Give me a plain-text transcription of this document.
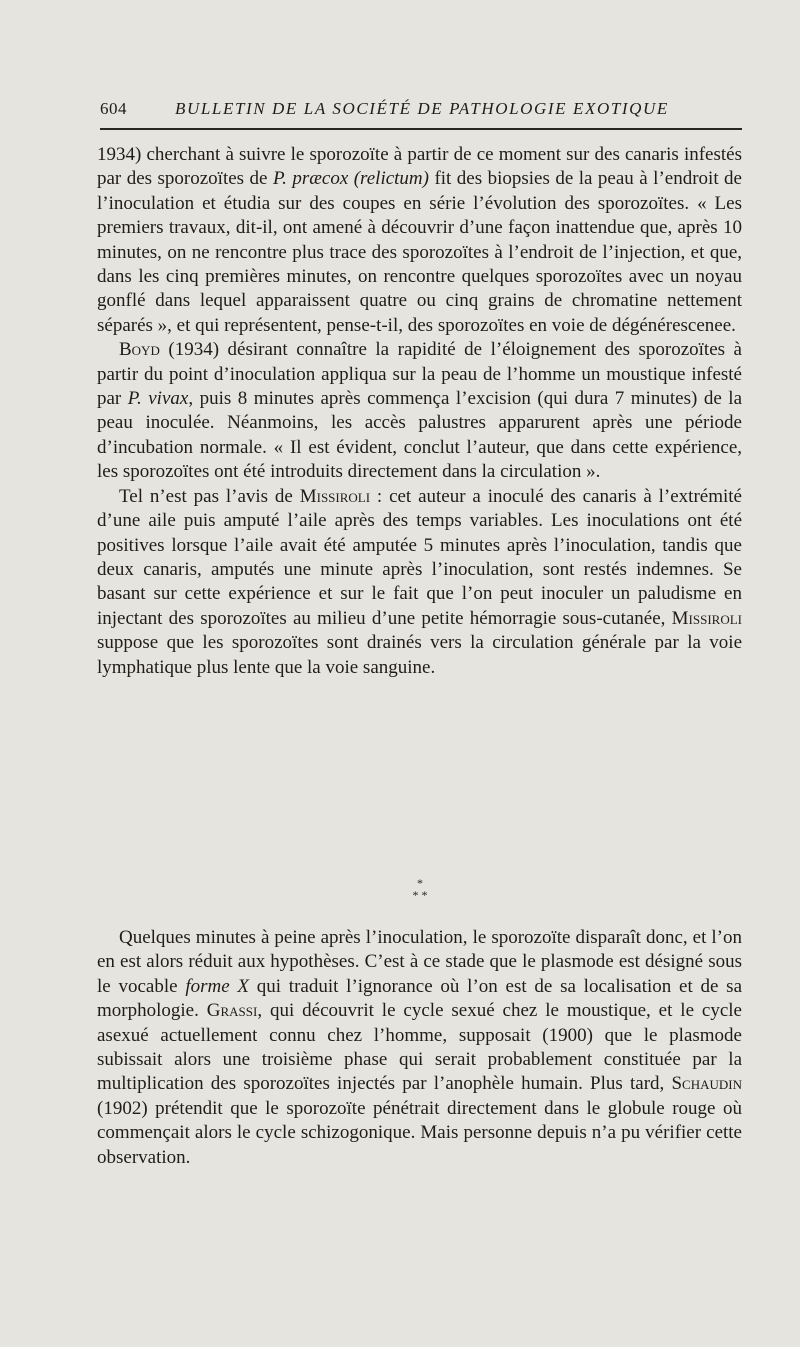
604	BULLETIN DE LA SOCIÉTÉ DE PATHOLOGIE EXOTIQUE

1934) cherchant à suivre le sporozoïte à partir de ce moment sur des canaris infestés par des sporozoïtes de P. præcox (relictum) fit des biopsies de la peau à l’endroit de l’inoculation et étudia sur des coupes en série l’évolution des sporozoïtes. « Les premiers travaux, dit-il, ont amené à découvrir d’une façon inattendue que, après 10 minutes, on ne rencontre plus trace des sporozoïtes à l’endroit de l’injection, et que, dans les cinq premières minutes, on rencontre quelques sporozoïtes avec un noyau gonflé dans lequel apparaissent quatre ou cinq grains de chromatine nettement séparés », et qui représentent, pense-t-il, des sporozoïtes en voie de dégénérescenee.

Boyd (1934) désirant connaître la rapidité de l’éloignement des sporozoïtes à partir du point d’inoculation appliqua sur la peau de l’homme un moustique infesté par P. vivax, puis 8 minutes après commença l’excision (qui dura 7 minutes) de la peau inoculée. Néanmoins, les accès palustres apparurent après une période d’incubation normale. « Il est évident, conclut l’auteur, que dans cette expérience, les sporozoïtes ont été introduits directement dans la circulation ».

Tel n’est pas l’avis de Missiroli : cet auteur a inoculé des canaris à l’extrémité d’une aile puis amputé l’aile après des temps variables. Les inoculations ont été positives lorsque l’aile avait été amputée 5 minutes après l’inoculation, tandis que deux canaris, amputés une minute après l’inoculation, sont restés indemnes. Se basant sur cette expérience et sur le fait que l’on peut inoculer un paludisme en injectant des sporozoïtes au milieu d’une petite hémorragie sous-cutanée, Missiroli suppose que les sporozoïtes sont drainés vers la circulation générale par la voie lymphatique plus lente que la voie sanguine.

*
* *

Quelques minutes à peine après l’inoculation, le sporozoïte disparaît donc, et l’on en est alors réduit aux hypothèses. C’est à ce stade que le plasmode est désigné sous le vocable forme X qui traduit l’ignorance où l’on est de sa localisation et de sa morphologie. Grassi, qui découvrit le cycle sexué chez le moustique, et le cycle asexué actuellement connu chez l’homme, supposait (1900) que le plasmode subissait alors une troisième phase qui serait probablement constituée par la multiplication des sporozoïtes injectés par l’anophèle humain. Plus tard, Schaudin (1902) prétendit que le sporozoïte pénétrait directement dans le globule rouge où commençait alors le cycle schizogonique. Mais personne depuis n’a pu vérifier cette observation.
